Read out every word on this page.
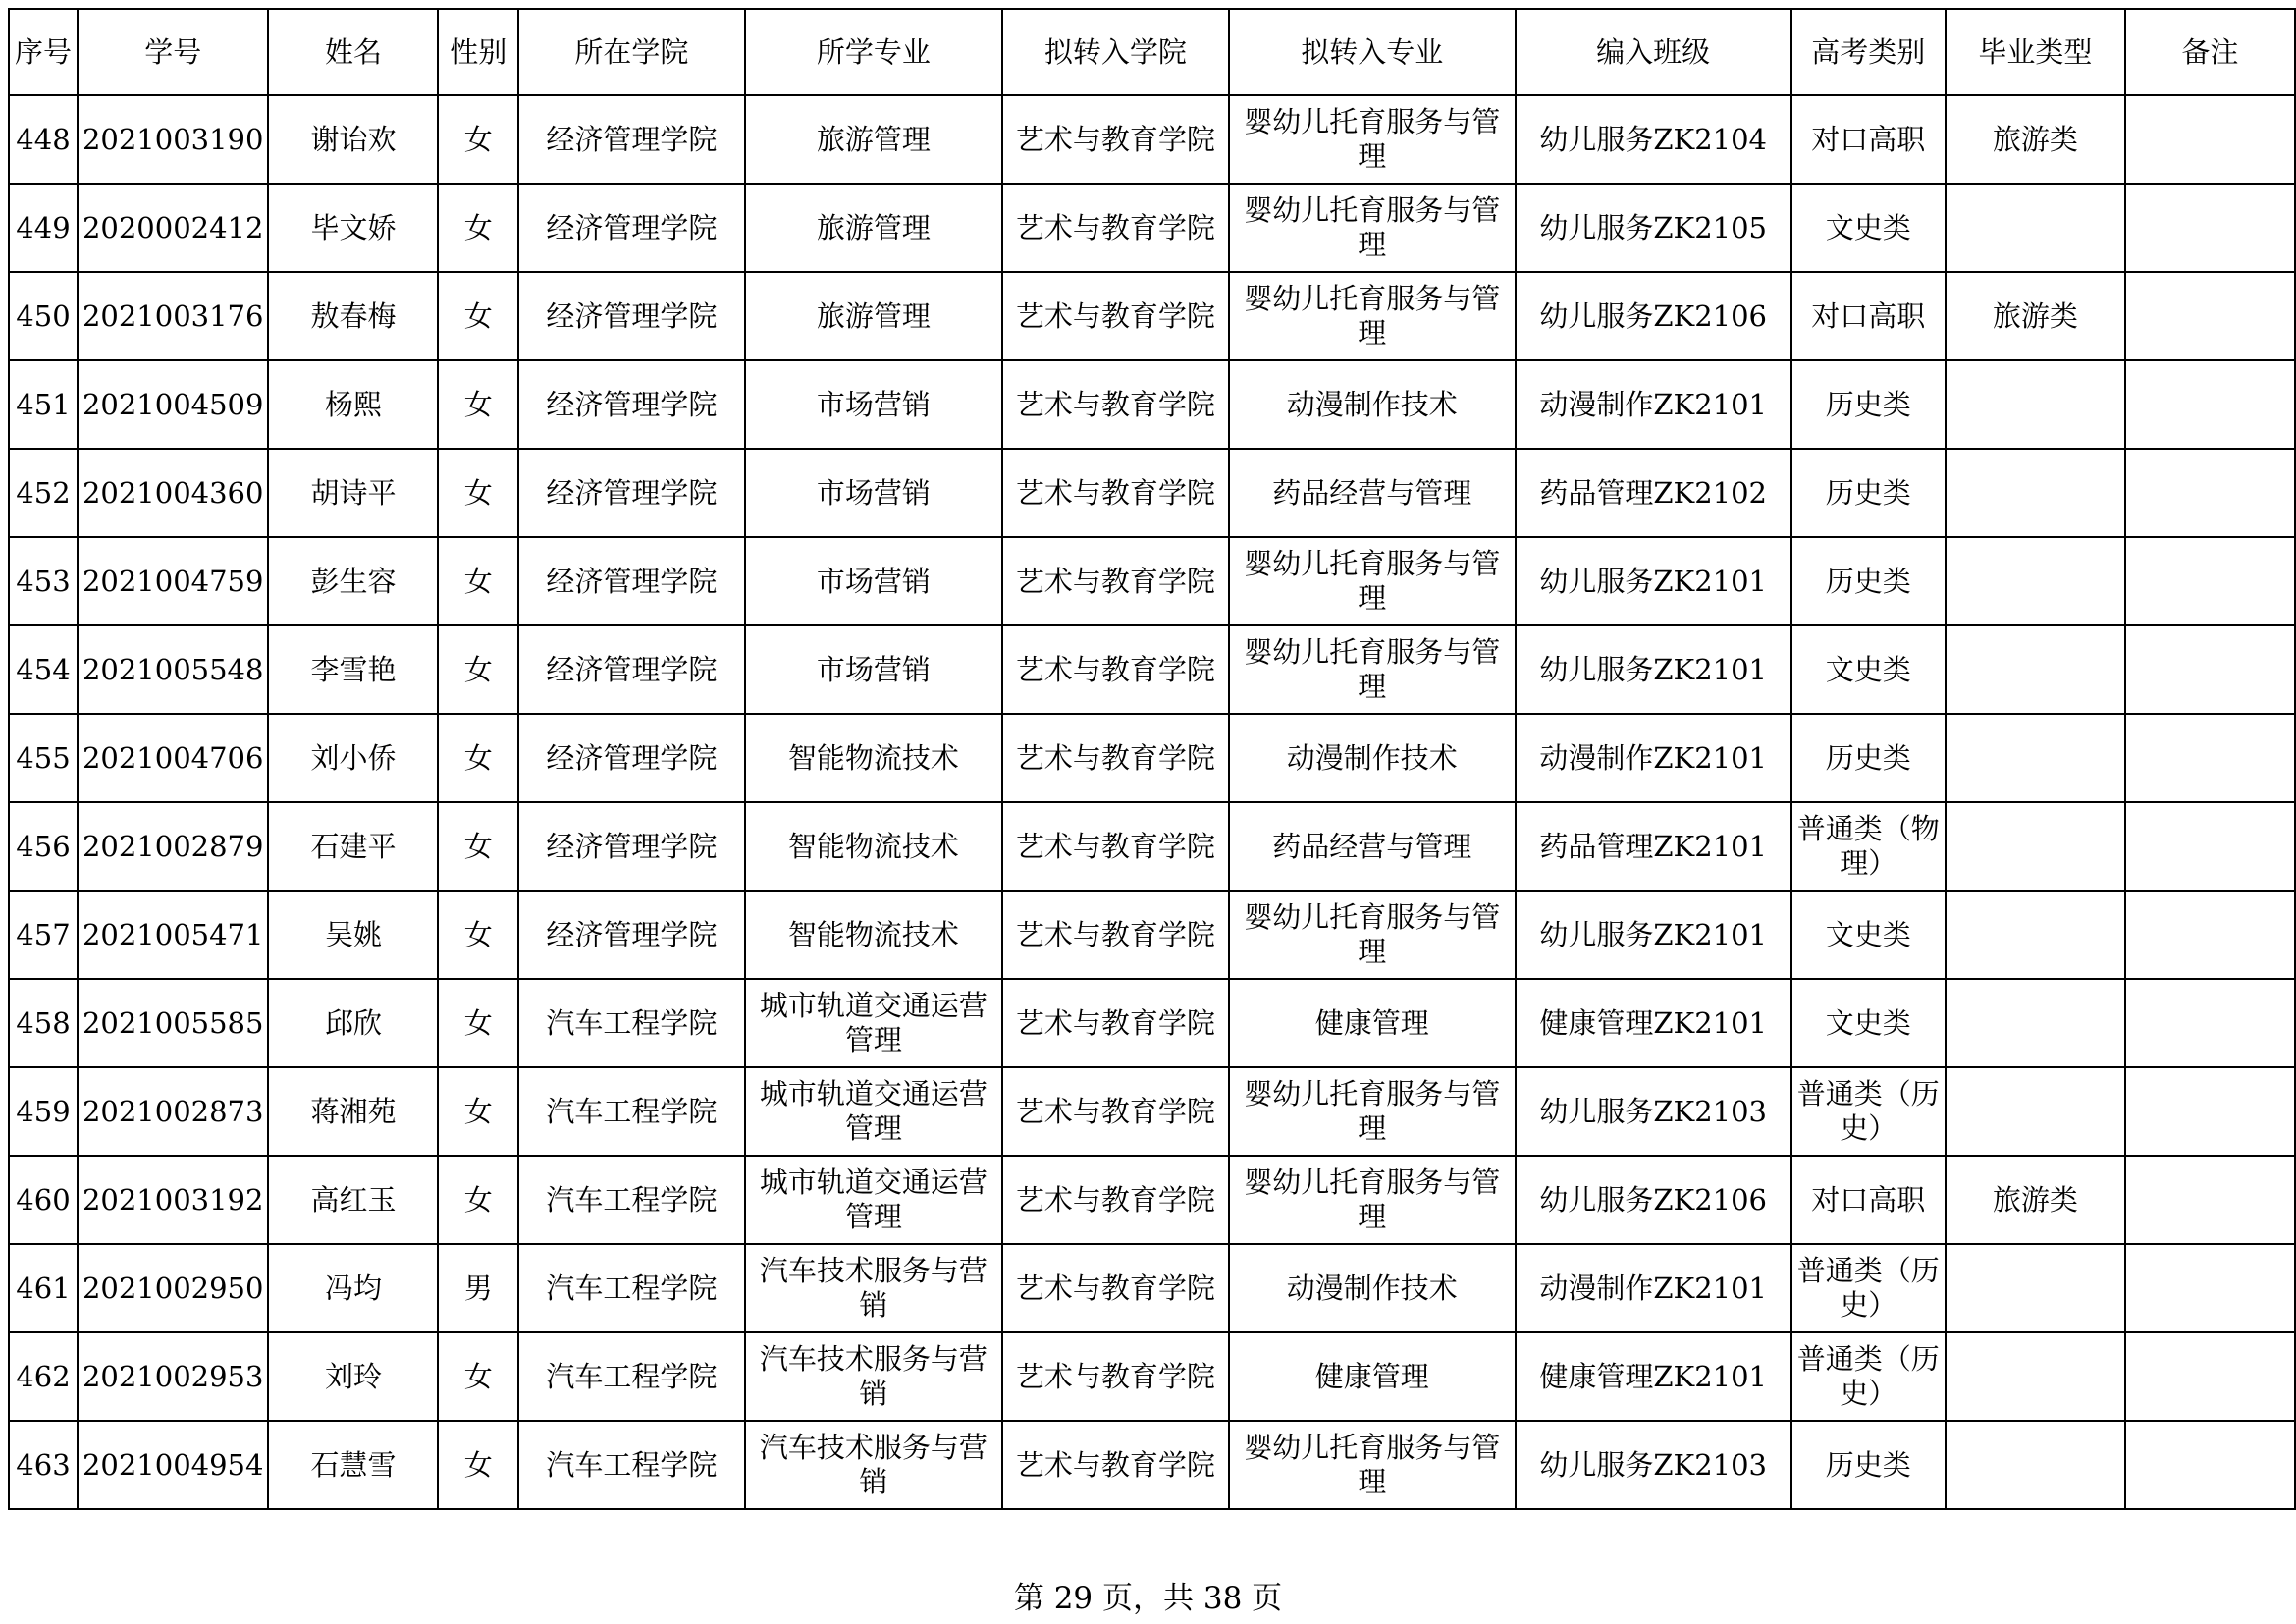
序号	学号	姓名	性别	所在学院	所学专业	拟转入学院	拟转入专业	编入班级	高考类别	毕业类型	备注
448	2021003190	谢诒欢	女	经济管理学院	旅游管理	艺术与教育学院	婴幼儿托育服务与管理	幼儿服务ZK2104	对口高职	旅游类	
449	2020002412	毕文娇	女	经济管理学院	旅游管理	艺术与教育学院	婴幼儿托育服务与管理	幼儿服务ZK2105	文史类		
450	2021003176	敖春梅	女	经济管理学院	旅游管理	艺术与教育学院	婴幼儿托育服务与管理	幼儿服务ZK2106	对口高职	旅游类	
451	2021004509	杨熙	女	经济管理学院	市场营销	艺术与教育学院	动漫制作技术	动漫制作ZK2101	历史类		
452	2021004360	胡诗平	女	经济管理学院	市场营销	艺术与教育学院	药品经营与管理	药品管理ZK2102	历史类		
453	2021004759	彭生容	女	经济管理学院	市场营销	艺术与教育学院	婴幼儿托育服务与管理	幼儿服务ZK2101	历史类		
454	2021005548	李雪艳	女	经济管理学院	市场营销	艺术与教育学院	婴幼儿托育服务与管理	幼儿服务ZK2101	文史类		
455	2021004706	刘小侨	女	经济管理学院	智能物流技术	艺术与教育学院	动漫制作技术	动漫制作ZK2101	历史类		
456	2021002879	石建平	女	经济管理学院	智能物流技术	艺术与教育学院	药品经营与管理	药品管理ZK2101	普通类（物理）		
457	2021005471	吴姚	女	经济管理学院	智能物流技术	艺术与教育学院	婴幼儿托育服务与管理	幼儿服务ZK2101	文史类		
458	2021005585	邱欣	女	汽车工程学院	城市轨道交通运营管理	艺术与教育学院	健康管理	健康管理ZK2101	文史类		
459	2021002873	蒋湘苑	女	汽车工程学院	城市轨道交通运营管理	艺术与教育学院	婴幼儿托育服务与管理	幼儿服务ZK2103	普通类（历史）		
460	2021003192	高红玉	女	汽车工程学院	城市轨道交通运营管理	艺术与教育学院	婴幼儿托育服务与管理	幼儿服务ZK2106	对口高职	旅游类	
461	2021002950	冯均	男	汽车工程学院	汽车技术服务与营销	艺术与教育学院	动漫制作技术	动漫制作ZK2101	普通类（历史）		
462	2021002953	刘玲	女	汽车工程学院	汽车技术服务与营销	艺术与教育学院	健康管理	健康管理ZK2101	普通类（历史）		
463	2021004954	石慧雪	女	汽车工程学院	汽车技术服务与营销	艺术与教育学院	婴幼儿托育服务与管理	幼儿服务ZK2103	历史类		
第 29 页，共 38 页
